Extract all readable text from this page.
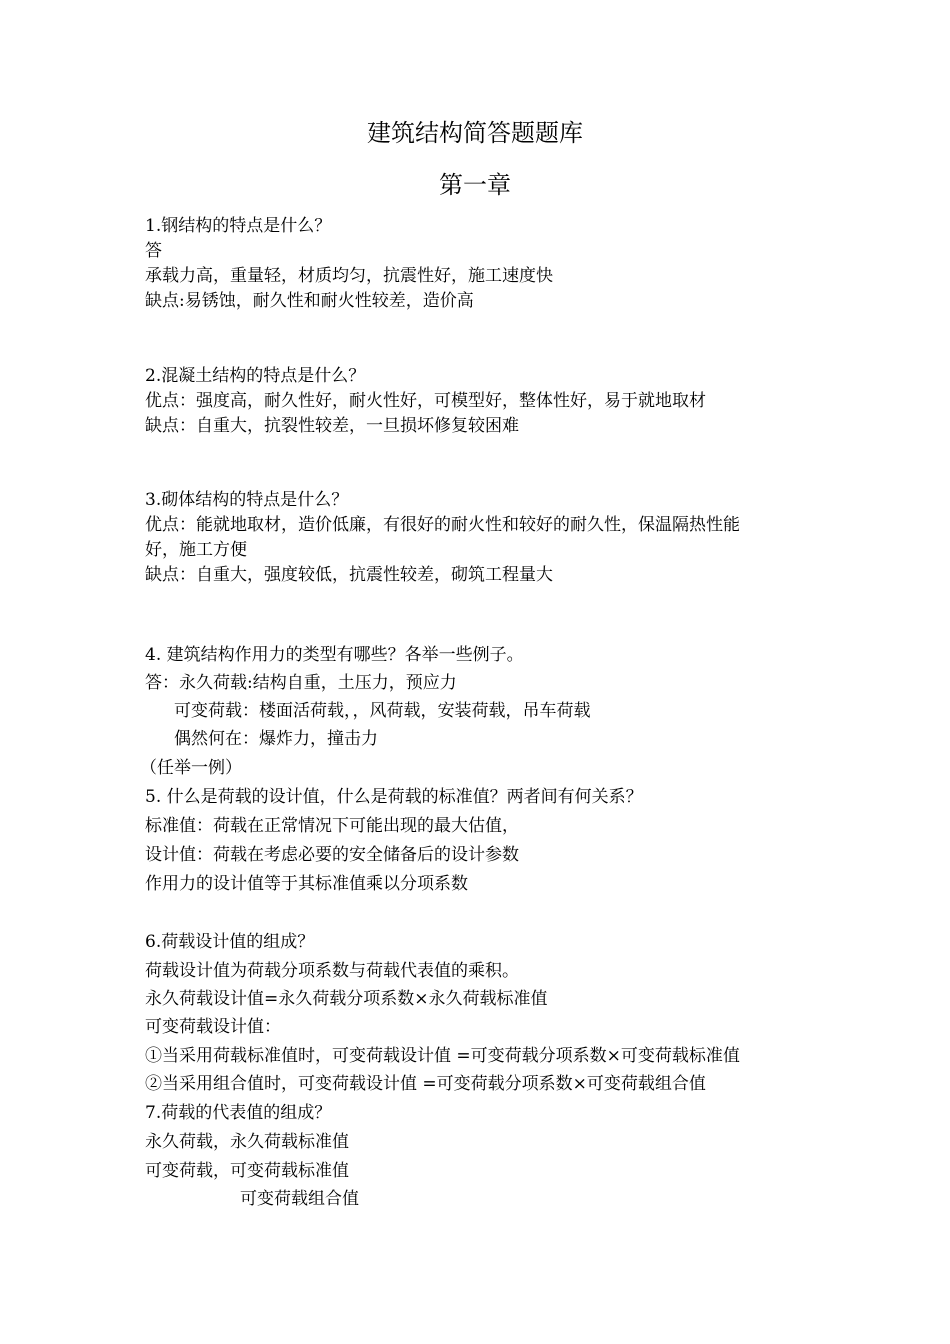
建筑结构简答题题库
第一章
1.钢结构的特点是什么？
答
承载力高，重量轻，材质均匀，抗震性好，施工速度快
缺点:易锈蚀，耐久性和耐火性较差，造价高
2.混凝土结构的特点是什么？
优点：强度高，耐久性好，耐火性好，可模型好，整体性好，易于就地取材
缺点：自重大，抗裂性较差，一旦损坏修复较困难
3.砌体结构的特点是什么？
优点：能就地取材，造价低廉，有很好的耐火性和较好的耐久性，保温隔热性能
好，施工方便
缺点：自重大，强度较低，抗震性较差，砌筑工程量大
4. 建筑结构作用力的类型有哪些？各举一些例子。
答：永久荷载:结构自重，土压力，预应力
可变荷载：楼面活荷载，，风荷载，安装荷载，吊车荷载
偶然何在：爆炸力，撞击力
（任举一例）
5. 什么是荷载的设计值，什么是荷载的标准值？两者间有何关系？
标准值：荷载在正常情况下可能出现的最大估值，
设计值：荷载在考虑必要的安全储备后的设计参数
作用力的设计值等于其标准值乘以分项系数
6.荷载设计值的组成？
荷载设计值为荷载分项系数与荷载代表值的乘积。
永久荷载设计值=永久荷载分项系数×永久荷载标准值
可变荷载设计值：
①当采用荷载标准值时，可变荷载设计值 =可变荷载分项系数×可变荷载标准值
②当采用组合值时，可变荷载设计值 =可变荷载分项系数×可变荷载组合值
7.荷载的代表值的组成？
永久荷载，永久荷载标准值
可变荷载，可变荷载标准值
可变荷载组合值
